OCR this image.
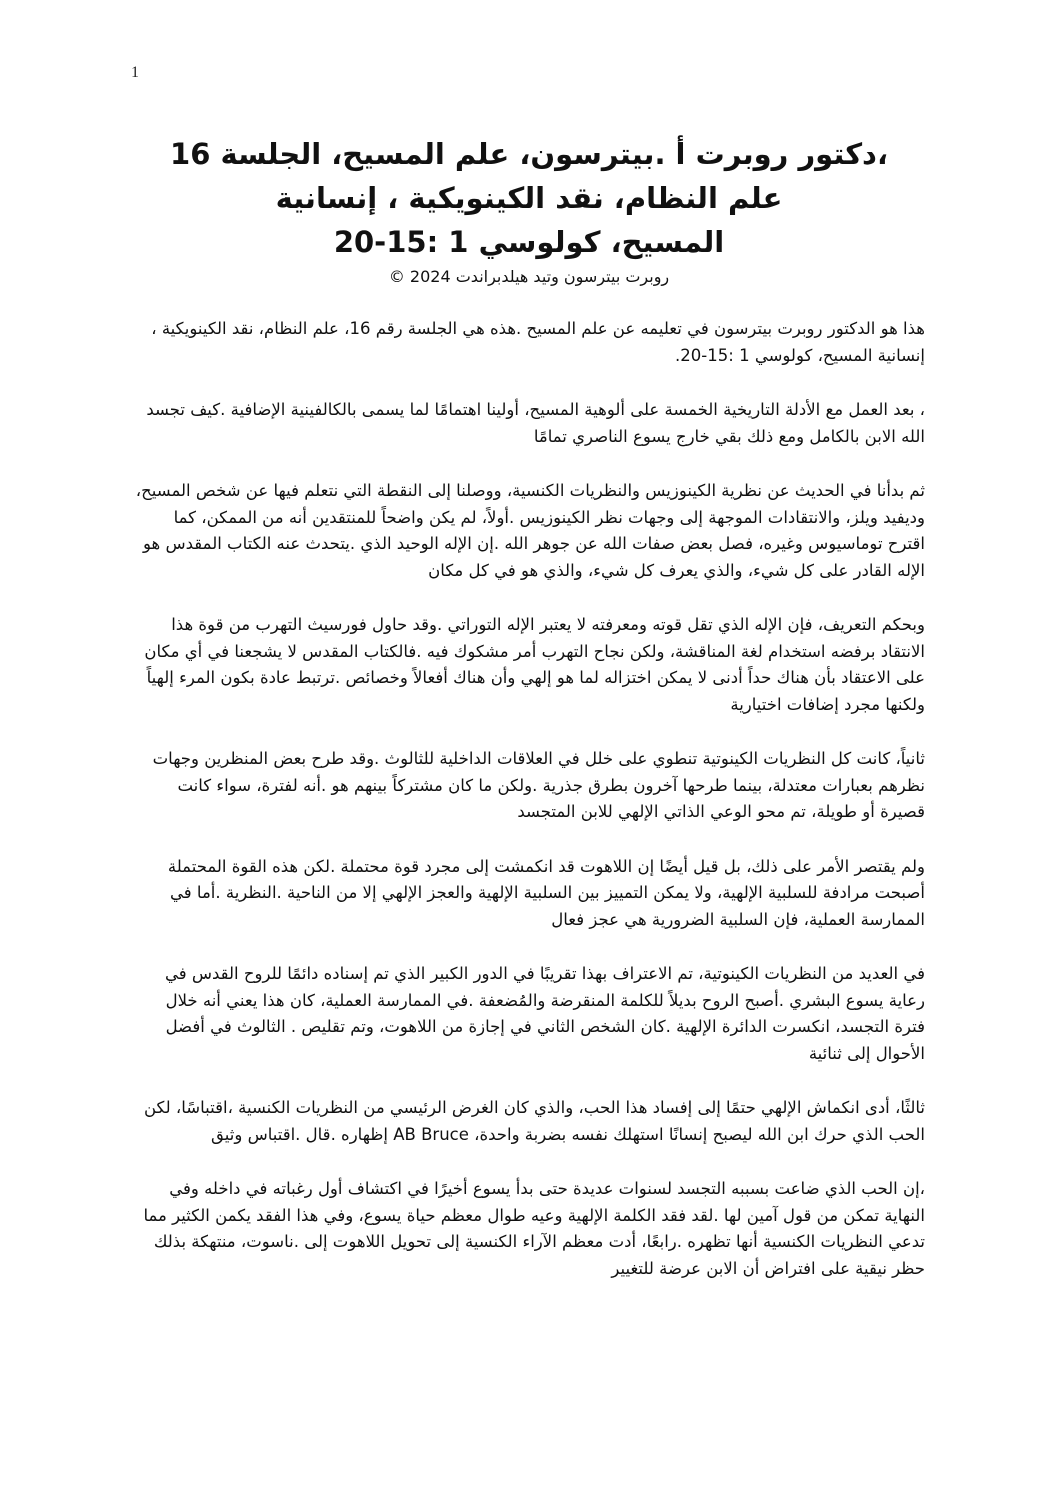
1

،دكتور روبرت أ .بيترسون، علم المسيح، الجلسة 16

علم النظام، نقد الكينويكية ، إنسانية

المسيح، كولوسي 1 :15-20

روبرت بيترسون وتيد هيلدبراندت 2024 ©

هذا هو الدكتور روبرت بيترسون في تعليمه عن علم المسيح .هذه هي الجلسة رقم 16، علم النظام، نقد الكينويكية ، إنسانية المسيح، كولوسي 1 :15-20.

، بعد العمل مع الأدلة التاريخية الخمسة على ألوهية المسيح، أولينا اهتمامًا لما يسمى بالكالفينية الإضافية .كيف تجسد الله الابن بالكامل ومع ذلك بقي خارج يسوع الناصري تمامًا

ثم بدأنا في الحديث عن نظرية الكينوزيس والنظريات الكنسية، ووصلنا إلى النقطة التي نتعلم فيها عن شخص المسيح، وديفيد ويلز، والانتقادات الموجهة إلى وجهات نظر الكينوزيس .أولاً، لم يكن واضحاً للمنتقدين أنه من الممكن، كما اقترح توماسيوس وغيره، فصل بعض صفات الله عن جوهر الله .إن الإله الوحيد الذي .يتحدث عنه الكتاب المقدس هو الإله القادر على كل شيء، والذي يعرف كل شيء، والذي هو في كل مكان

وبحكم التعريف، فإن الإله الذي تقل قوته ومعرفته لا يعتبر الإله التوراتي .وقد حاول فورسيث التهرب من قوة هذا الانتقاد برفضه استخدام لغة المناقشة، ولكن نجاح التهرب أمر مشكوك فيه .فالكتاب المقدس لا يشجعنا في أي مكان على الاعتقاد بأن هناك حداً أدنى لا يمكن اختزاله لما هو إلهي وأن هناك أفعالاً وخصائص .ترتبط عادة بكون المرء إلهياً ولكنها مجرد إضافات اختيارية

ثانياً، كانت كل النظريات الكينوتية تنطوي على خلل في العلاقات الداخلية للثالوث .وقد طرح بعض المنظرين وجهات نظرهم بعبارات معتدلة، بينما طرحها آخرون بطرق جذرية .ولكن ما كان مشتركاً بينهم هو .أنه لفترة، سواء كانت قصيرة أو طويلة، تم محو الوعي الذاتي الإلهي للابن المتجسد

ولم يقتصر الأمر على ذلك، بل قيل أيضًا إن اللاهوت قد انكمشت إلى مجرد قوة محتملة .لكن هذه القوة المحتملة أصبحت مرادفة للسلبية الإلهية، ولا يمكن التمييز بين السلبية الإلهية والعجز الإلهي إلا من الناحية .النظرية .أما في الممارسة العملية، فإن السلبية الضرورية هي عجز فعال

في العديد من النظريات الكينوتية، تم الاعتراف بهذا تقريبًا في الدور الكبير الذي تم إسناده دائمًا للروح القدس في رعاية يسوع البشري .أصبح الروح بديلاً للكلمة المنقرضة والمُضعفة .في الممارسة العملية، كان هذا يعني أنه خلال فترة التجسد، انكسرت الدائرة الإلهية .كان الشخص الثاني في إجازة من اللاهوت، وتم تقليص . الثالوث في أفضل الأحوال إلى ثنائية

ثالثًا، أدى انكماش الإلهي حتمًا إلى إفساد هذا الحب، والذي كان الغرض الرئيسي من النظريات الكنسية ،اقتباسًا، لكن الحب الذي حرك ابن الله ليصبح إنسانًا استهلك نفسه بضربة واحدة، AB Bruce إظهاره .قال .اقتباس وثيق

،إن الحب الذي ضاعت بسببه التجسد لسنوات عديدة حتى بدأ يسوع أخيرًا في اكتشاف أول رغباته في داخله وفي النهاية تمكن من قول آمين لها .لقد فقد الكلمة الإلهية وعيه طوال معظم حياة يسوع، وفي هذا الفقد يكمن الكثير مما تدعي النظريات الكنسية أنها تظهره .رابعًا، أدت معظم الآراء الكنسية إلى تحويل اللاهوت إلى .ناسوت، منتهكة بذلك حظر نيقية على افتراض أن الابن عرضة للتغيير
